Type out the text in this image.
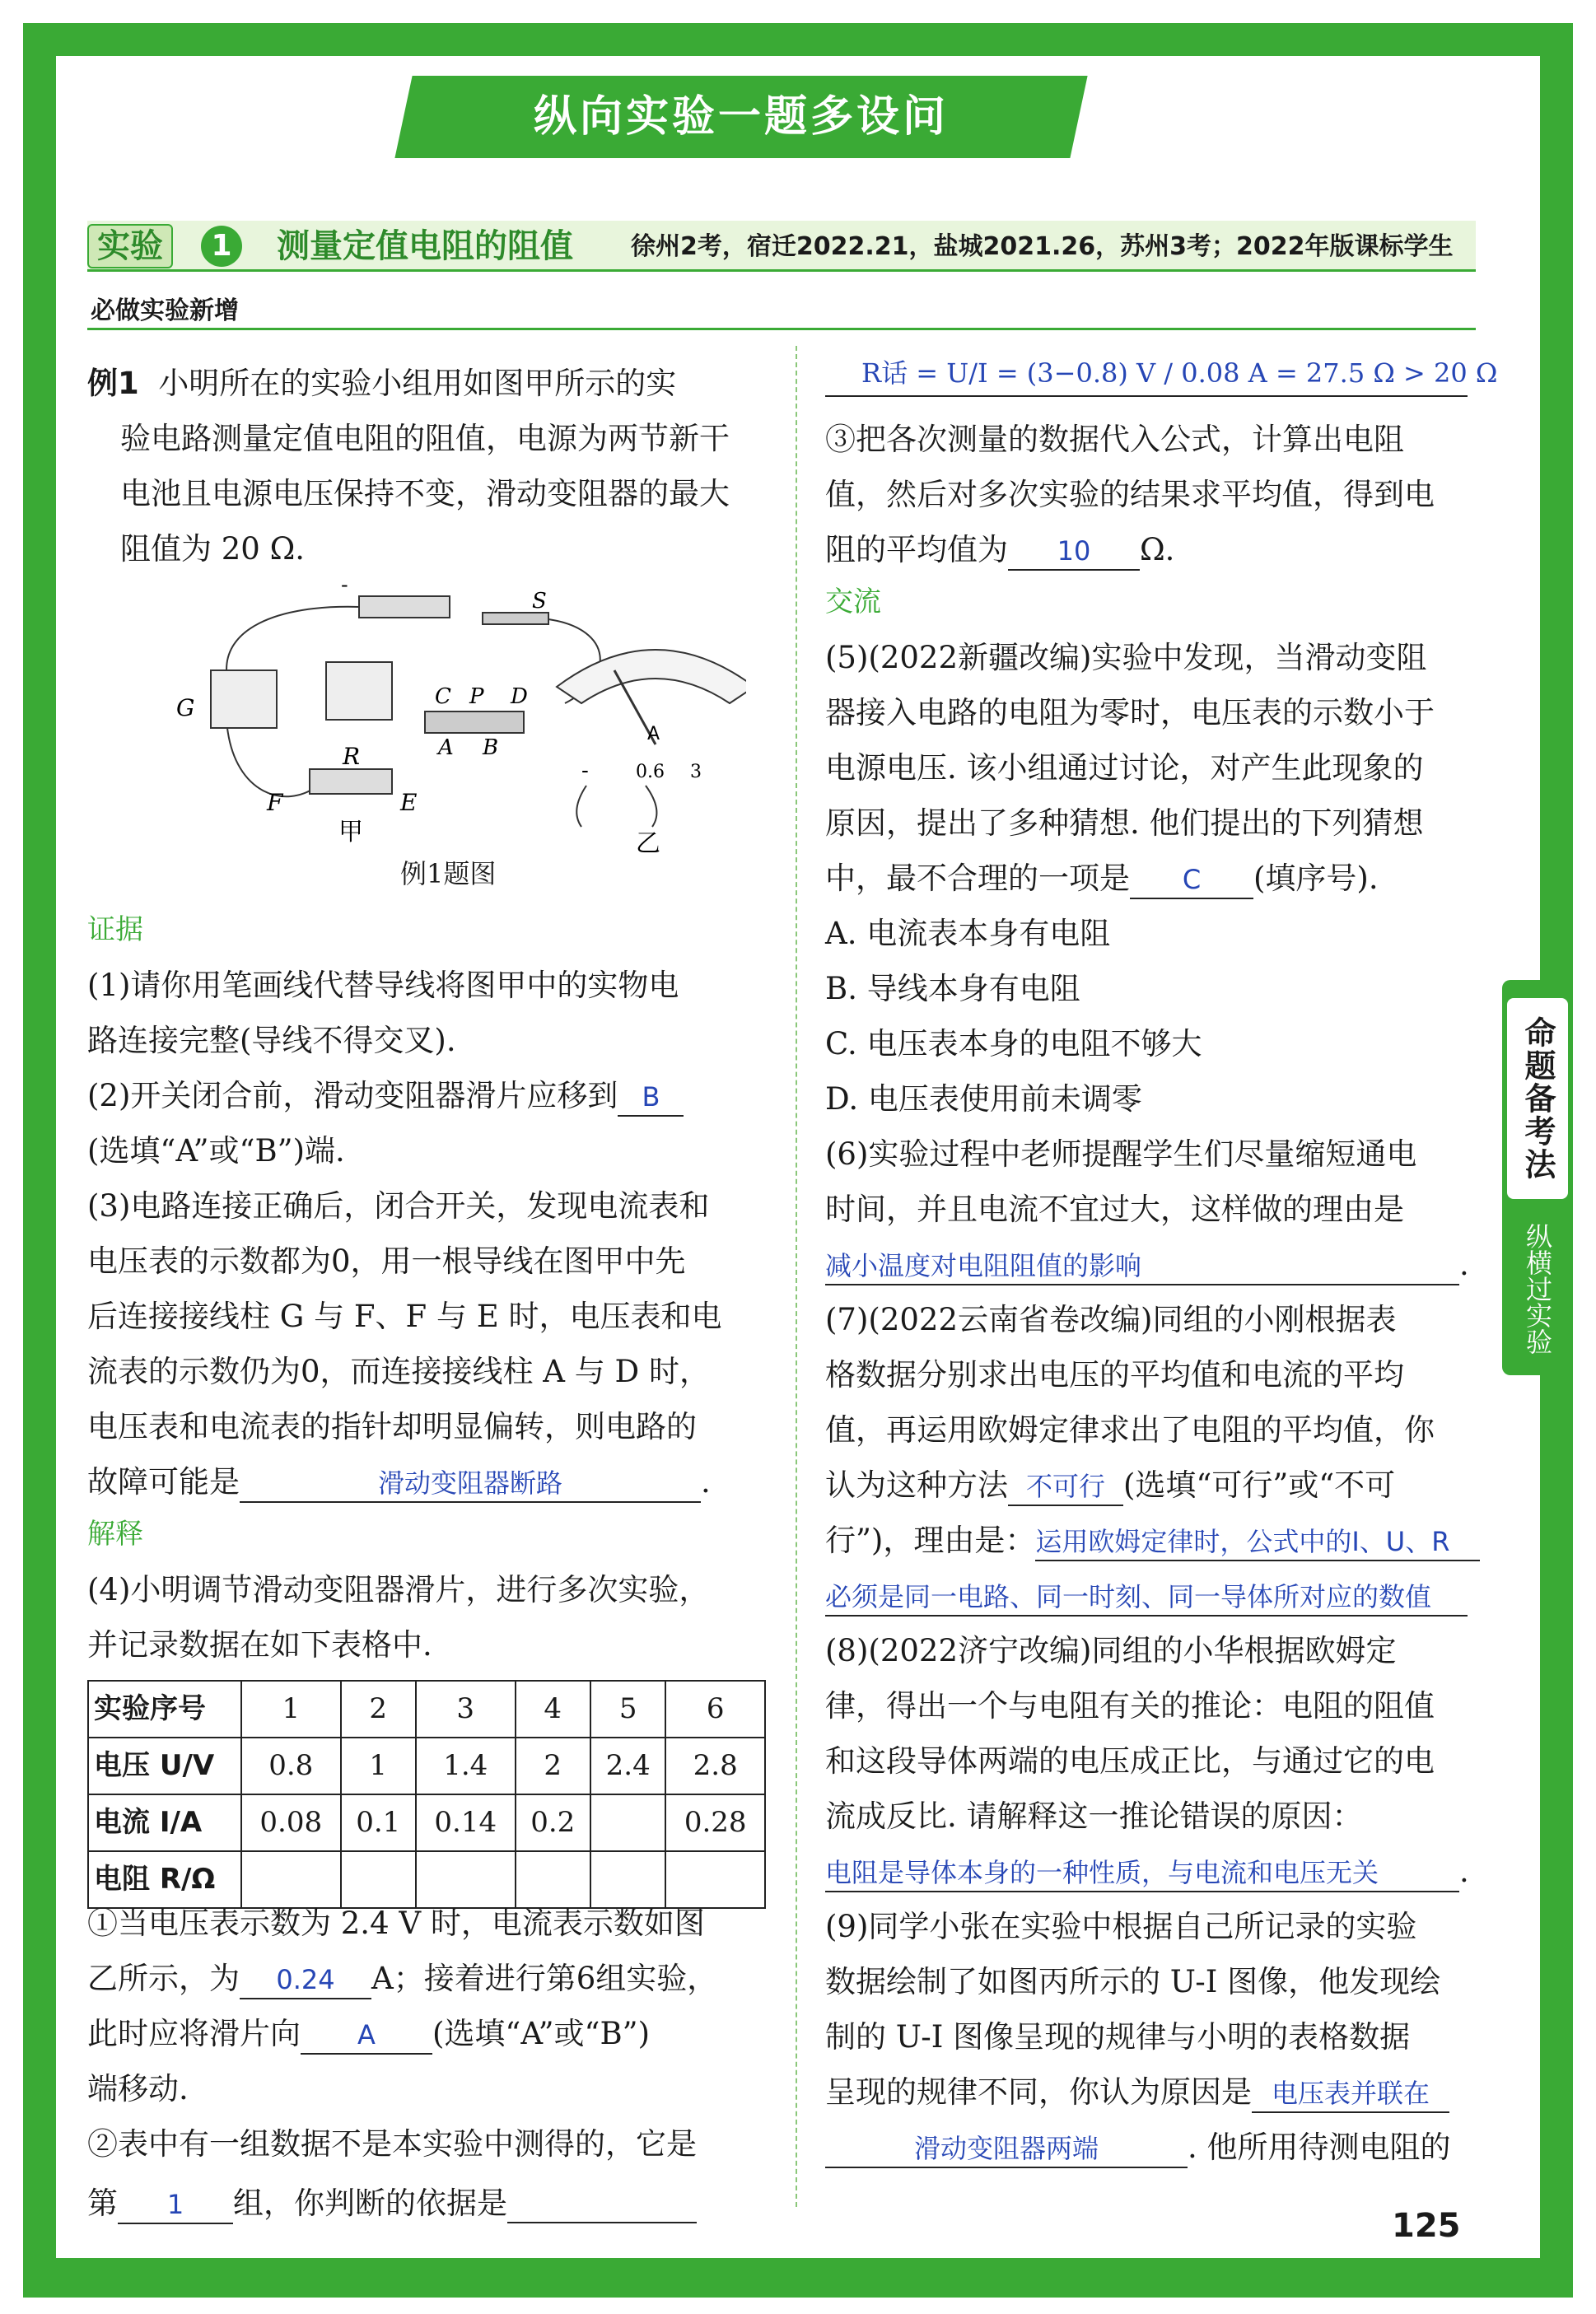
纵向实验一题多设问
实验	1	测量定值电阻的阻值 徐州2考，宿迁2022.21，盐城2021.26，苏州3考；2022年版课标学生
必做实验新增
例1 小明所在的实验小组用如图甲所示的实
验电路测量定值电阻的阻值，电源为两节新干
电池且电源电压保持不变，滑动变阻器的最大
阻值为 20 Ω.
-
S
G
R
F	E
甲
C P D
A B
A
-	0.6 3
乙
例1题图
证据
(1)请你用笔画线代替导线将图甲中的实物电
路连接完整(导线不得交叉).
(2)开关闭合前，滑动变阻器滑片应移到 B
(选填“A”或“B”)端.
(3)电路连接正确后，闭合开关，发现电流表和
电压表的示数都为0，用一根导线在图甲中先
后连接接线柱 G 与 F、F 与 E 时，电压表和电
流表的示数仍为0，而连接接线柱 A 与 D 时，
电压表和电流表的指针却明显偏转，则电路的
故障可能是	滑动变阻器断路	.
解释
(4)小明调节滑动变阻器滑片，进行多次实验，
并记录数据在如下表格中.
实验序号	1	2	3	4	5	6
电压 U/V	0.8	1	1.4	2	2.4	2.8
电流 I/A	0.08	0.1	0.14	0.2		0.28
电阻 R/Ω						
①当电压表示数为 2.4 V 时，电流表示数如图
乙所示，为 0.24 A；接着进行第6组实验，
此时应将滑片向 A (选填“A”或“B”)
端移动.
②表中有一组数据不是本实验中测得的，它是
第 1 组，你判断的依据是
R话 = U/I = (3−0.8) V / 0.08 A = 27.5 Ω > 20 Ω
③把各次测量的数据代入公式，计算出电阻
值，然后对多次实验的结果求平均值，得到电
阻的平均值为 10 Ω.
交流
(5)(2022新疆改编)实验中发现，当滑动变阻
器接入电路的电阻为零时，电压表的示数小于
电源电压. 该小组通过讨论，对产生此现象的
原因，提出了多种猜想. 他们提出的下列猜想
中，最不合理的一项是 C (填序号).
A. 电流表本身有电阻
B. 导线本身有电阻
C. 电压表本身的电阻不够大
D. 电压表使用前未调零
(6)实验过程中老师提醒学生们尽量缩短通电
时间，并且电流不宜过大，这样做的理由是
减小温度对电阻阻值的影响	.
(7)(2022云南省卷改编)同组的小刚根据表
格数据分别求出电压的平均值和电流的平均
值，再运用欧姆定律求出了电阻的平均值，你
认为这种方法 不可行 (选填“可行”或“不可
行”)，理由是：运用欧姆定律时，公式中的I、U、R
必须是同一电路、同一时刻、同一导体所对应的数值
(8)(2022济宁改编)同组的小华根据欧姆定
律，得出一个与电阻有关的推论：电阻的阻值
和这段导体两端的电压成正比，与通过它的电
流成反比. 请解释这一推论错误的原因：
电阻是导体本身的一种性质，与电流和电压无关	.
(9)同学小张在实验中根据自己所记录的实验
数据绘制了如图丙所示的 U-I 图像，他发现绘
制的 U-I 图像呈现的规律与小明的表格数据
呈现的规律不同，你认为原因是 电压表并联在
滑动变阻器两端	. 他所用待测电阻的
命题备考法
纵横过实验
125
